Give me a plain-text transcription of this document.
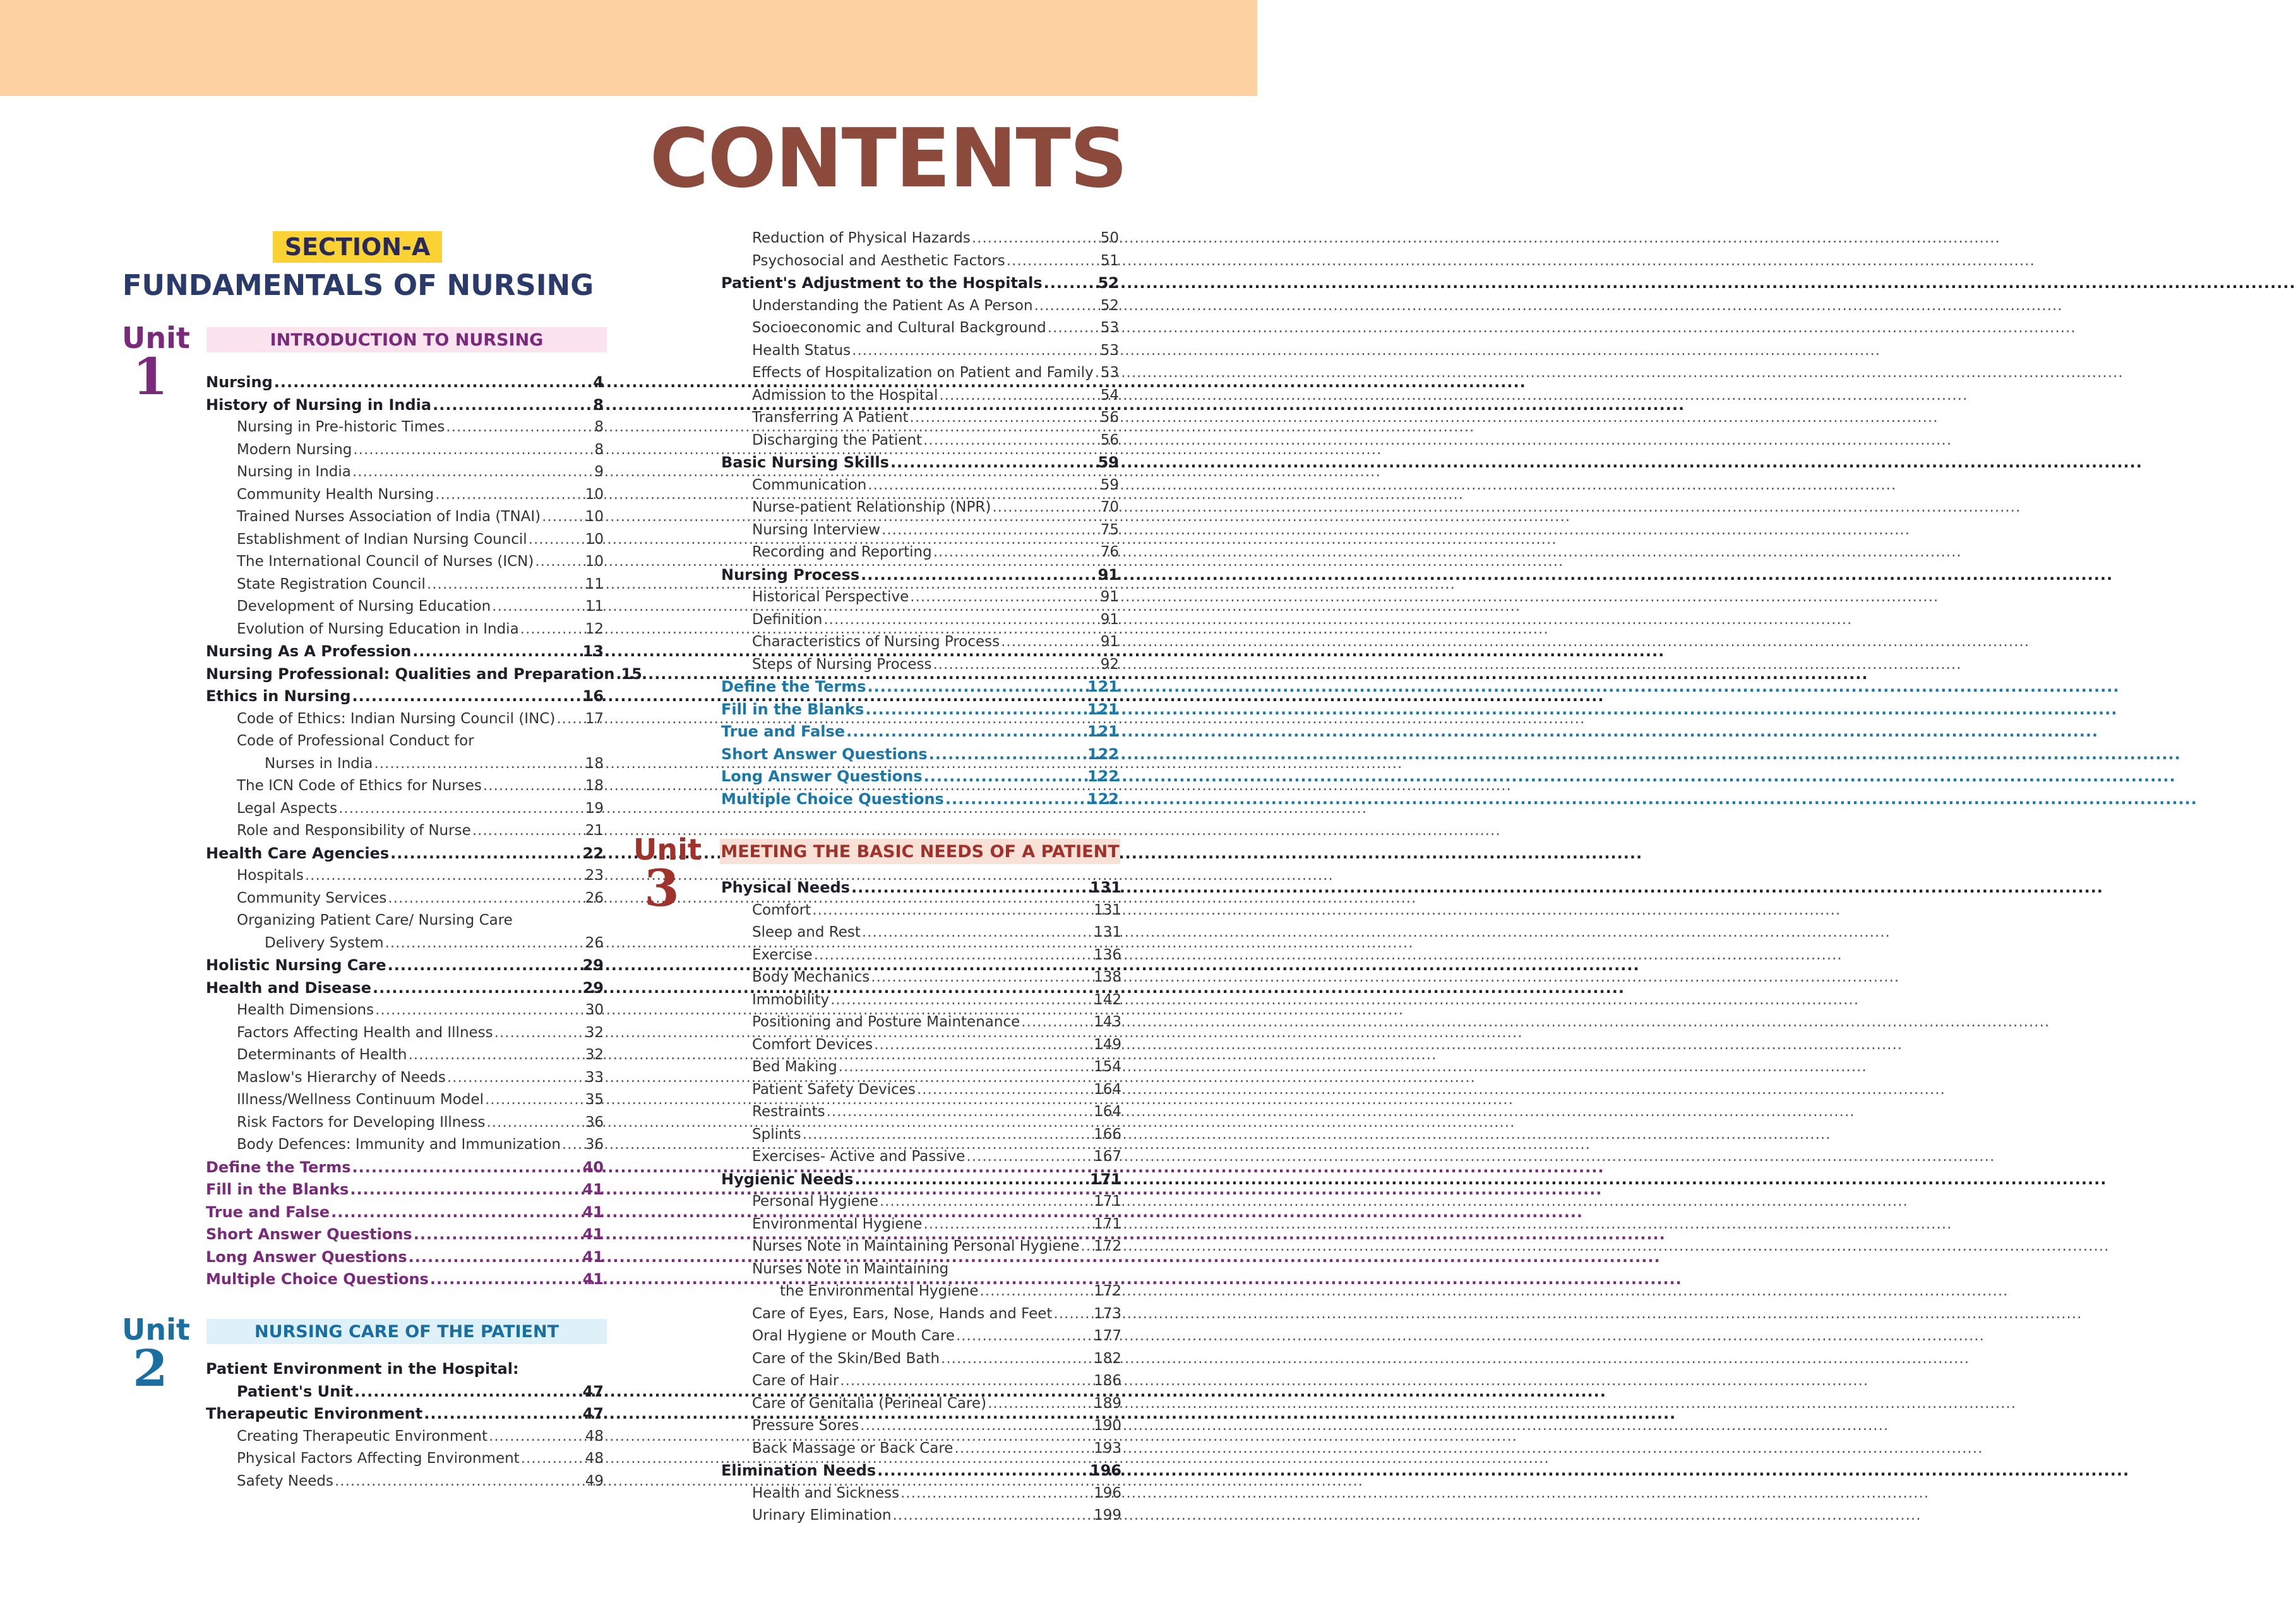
CONTENTS
SECTION-A
FUNDAMENTALS OF NURSING
Unit
1
INTRODUCTION TO NURSING
Nursing .....	4
History of Nursing in India .....	8
Nursing in Pre-historic Times .....	8
Modern Nursing .....	8
Nursing in India .....	9
Community Health Nursing .....	10
Trained Nurses Association of India (TNAI) .....	10
Establishment of Indian Nursing Council .....	10
The International Council of Nurses (ICN) .....	10
State Registration Council .....	11
Development of Nursing Education .....	11
Evolution of Nursing Education in India .....	12
Nursing As A Profession .....	13
Nursing Professional: Qualities and Preparation ..... 15
Ethics in Nursing .....	16
Code of Ethics: Indian Nursing Council (INC) ..... 17
Code of Professional Conduct for
Nurses in India .....	18
The ICN Code of Ethics for Nurses .....	18
Legal Aspects .....	19
Role and Responsibility of Nurse .....	21
Health Care Agencies .....	22
Hospitals .....	23
Community Services .....	26
Organizing Patient Care/ Nursing Care
Delivery System .....	26
Holistic Nursing Care .....	29
Health and Disease .....	29
Health Dimensions .....	30
Factors Affecting Health and Illness .....	32
Determinants of Health .....	32
Maslow's Hierarchy of Needs .....	33
Illness/Wellness Continuum Model .....	35
Risk Factors for Developing Illness .....	36
Body Defences: Immunity and Immunization ..... 36
Define the Terms .....	40
Fill in the Blanks .....	41
True and False .....	41
Short Answer Questions .....	41
Long Answer Questions .....	41
Multiple Choice Questions .....	41
Unit
2
NURSING CARE OF THE PATIENT
Patient Environment in the Hospital:
Patient's Unit .....	47
Therapeutic Environment .....	47
Creating Therapeutic Environment .....	48
Physical Factors Affecting Environment .....	48
Safety Needs .....	49
Reduction of Physical Hazards .....	50
Psychosocial and Aesthetic Factors .....	51
Patient's Adjustment to the Hospitals .....	52
Understanding the Patient As A Person .....	52
Socioeconomic and Cultural Background .....	53
Health Status .....	53
Effects of Hospitalization on Patient and Family ..... 53
Admission to the Hospital .....	54
Transferring A Patient .....	56
Discharging the Patient .....	56
Basic Nursing Skills .....	59
Communication .....	59
Nurse-patient Relationship (NPR) .....	70
Nursing Interview .....	75
Recording and Reporting .....	76
Nursing Process .....	91
Historical Perspective .....	91
Definition .....	91
Characteristics of Nursing Process .....	91
Steps of Nursing Process .....	92
Define the Terms .....	121
Fill in the Blanks .....	121
True and False .....	121
Short Answer Questions .....	122
Long Answer Questions .....	122
Multiple Choice Questions .....	122
Unit
3
MEETING THE BASIC NEEDS OF A PATIENT
Physical Needs .....	131
Comfort .....	131
Sleep and Rest .....	131
Exercise .....	136
Body Mechanics .....	138
Immobility .....	142
Positioning and Posture Maintenance .....	143
Comfort Devices .....	149
Bed Making .....	154
Patient Safety Devices .....	164
Restraints .....	164
Splints .....	166
Exercises- Active and Passive .....	167
Hygienic Needs .....	171
Personal Hygiene .....	171
Environmental Hygiene .....	171
Nurses Note in Maintaining Personal Hygiene ..... 172
Nurses Note in Maintaining
the Environmental Hygiene .....	172
Care of Eyes, Ears, Nose, Hands and Feet .....	173
Oral Hygiene or Mouth Care .....	177
Care of the Skin/Bed Bath .....	182
Care of Hair .....	186
Care of Genitalia (Perineal Care) .....	189
Pressure Sores .....	190
Back Massage or Back Care .....	193
Elimination Needs .....	196
Health and Sickness .....	196
Urinary Elimination .....	199
